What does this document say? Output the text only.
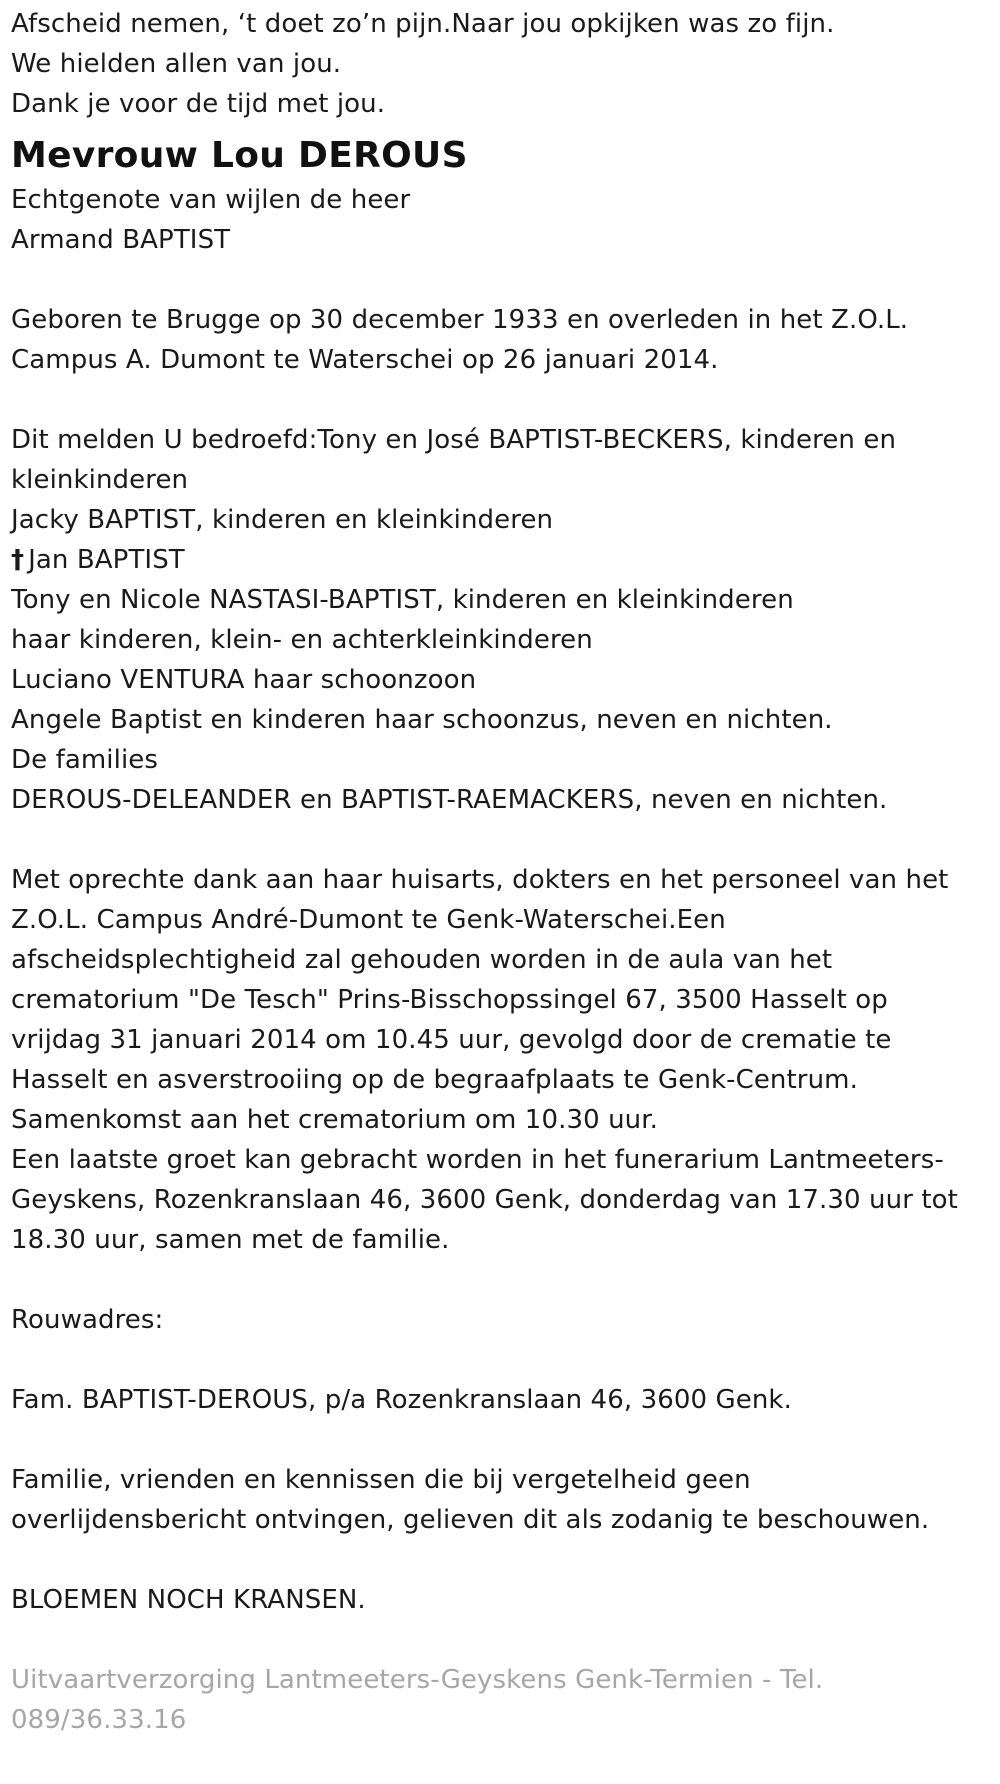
Afscheid nemen, ‘t doet zo’n pijn.Naar jou opkijken was zo fijn.
We hielden allen van jou.
Dank je voor de tijd met jou.
Mevrouw Lou DEROUS
Echtgenote van wijlen de heer
Armand BAPTIST
Geboren te Brugge op 30 december 1933 en overleden in het Z.O.L.
Campus A. Dumont te Waterschei op 26 januari 2014.
Dit melden U bedroefd:Tony en José BAPTIST-BECKERS, kinderen en
kleinkinderen
Jacky BAPTIST, kinderen en kleinkinderen
† Jan BAPTIST
Tony en Nicole NASTASI-BAPTIST, kinderen en kleinkinderen
haar kinderen, klein- en achterkleinkinderen
Luciano VENTURA haar schoonzoon
Angele Baptist en kinderen haar schoonzus, neven en nichten.
De families
DEROUS-DELEANDER en BAPTIST-RAEMACKERS, neven en nichten.
Met oprechte dank aan haar huisarts, dokters en het personeel van het
Z.O.L. Campus André-Dumont te Genk-Waterschei.Een
afscheidsplechtigheid zal gehouden worden in de aula van het
crematorium "De Tesch" Prins-Bisschopssingel 67, 3500 Hasselt op
vrijdag 31 januari 2014 om 10.45 uur, gevolgd door de crematie te
Hasselt en asverstrooiing op de begraafplaats te Genk-Centrum.
Samenkomst aan het crematorium om 10.30 uur.
Een laatste groet kan gebracht worden in het funerarium Lantmeeters-
Geyskens, Rozenkranslaan 46, 3600 Genk, donderdag van 17.30 uur tot
18.30 uur, samen met de familie.
Rouwadres:
Fam. BAPTIST-DEROUS, p/a Rozenkranslaan 46, 3600 Genk.
Familie, vrienden en kennissen die bij vergetelheid geen
overlijdensbericht ontvingen, gelieven dit als zodanig te beschouwen.
BLOEMEN NOCH KRANSEN.
Uitvaartverzorging Lantmeeters-Geyskens Genk-Termien - Tel.
089/36.33.16
